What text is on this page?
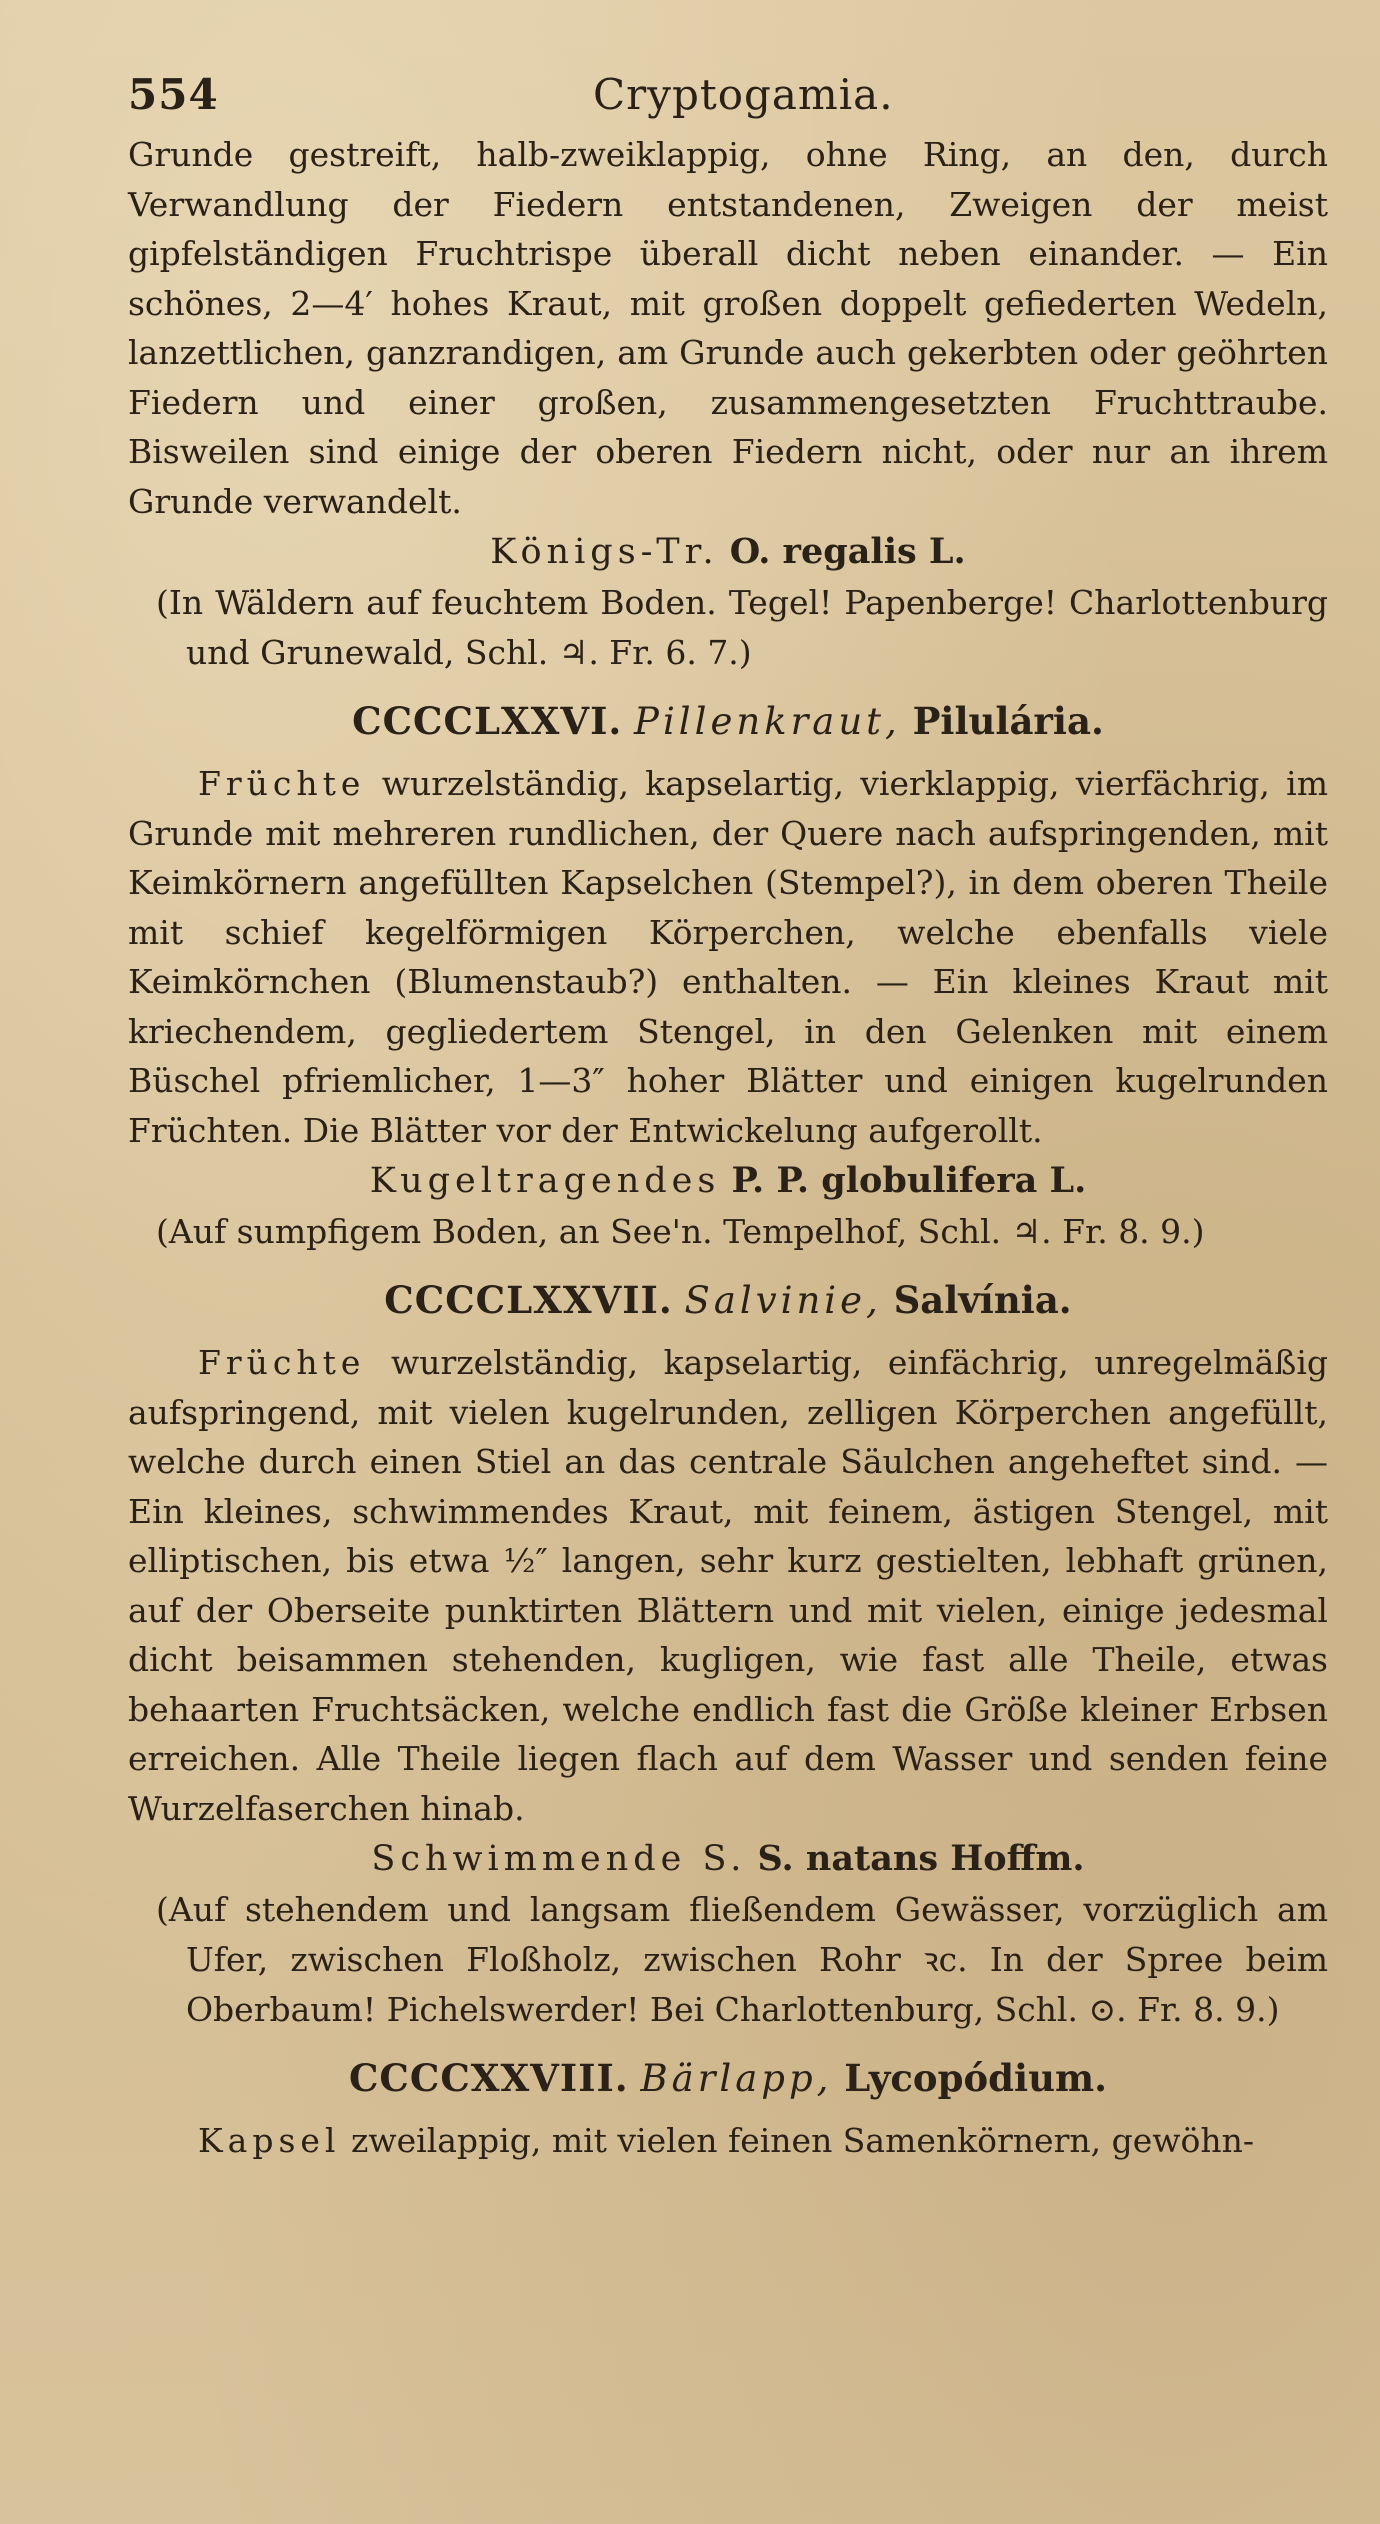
554	Cryptogamia.

Grunde gestreift, halb-zweiklappig, ohne Ring, an den, durch Verwandlung der Fiedern entstandenen, Zweigen der meist gipfelständigen Fruchtrispe überall dicht neben einander. — Ein schönes, 2—4′ hohes Kraut, mit großen doppelt gefiederten Wedeln, lanzettlichen, ganzrandigen, am Grunde auch gekerbten oder geöhrten Fiedern und einer großen, zusammengesetzten Fruchttraube. Bisweilen sind einige der oberen Fiedern nicht, oder nur an ihrem Grunde verwandelt.

Königs-Tr. O. regalis L.

(In Wäldern auf feuchtem Boden. Tegel! Papenberge! Charlottenburg und Grunewald, Schl. ♃. Fr. 6. 7.)

CCCCLXXVI. Pillenkraut, Pilulária.

Früchte wurzelständig, kapselartig, vierklappig, vierfächrig, im Grunde mit mehreren rundlichen, der Quere nach aufspringenden, mit Keimkörnern angefüllten Kapselchen (Stempel?), in dem oberen Theile mit schief kegelförmigen Körperchen, welche ebenfalls viele Keimkörnchen (Blumenstaub?) enthalten. — Ein kleines Kraut mit kriechendem, gegliedertem Stengel, in den Gelenken mit einem Büschel pfriemlicher, 1—3″ hoher Blätter und einigen kugelrunden Früchten. Die Blätter vor der Entwickelung aufgerollt.

Kugeltragendes P. P. globulifera L.

(Auf sumpfigem Boden, an See'n. Tempelhof, Schl. ♃. Fr. 8. 9.)

CCCCLXXVII. Salvinie, Salvínia.

Früchte wurzelständig, kapselartig, einfächrig, unregelmäßig aufspringend, mit vielen kugelrunden, zelligen Körperchen angefüllt, welche durch einen Stiel an das centrale Säulchen angeheftet sind. — Ein kleines, schwimmendes Kraut, mit feinem, ästigen Stengel, mit elliptischen, bis etwa ½″ langen, sehr kurz gestielten, lebhaft grünen, auf der Oberseite punktirten Blättern und mit vielen, einige jedesmal dicht beisammen stehenden, kugligen, wie fast alle Theile, etwas behaarten Fruchtsäcken, welche endlich fast die Größe kleiner Erbsen erreichen. Alle Theile liegen flach auf dem Wasser und senden feine Wurzelfaserchen hinab.

Schwimmende S. S. natans Hoffm.

(Auf stehendem und langsam fließendem Gewässer, vorzüglich am Ufer, zwischen Floßholz, zwischen Rohr ꝛc. In der Spree beim Oberbaum! Pichelswerder! Bei Charlottenburg, Schl. ⊙. Fr. 8. 9.)

CCCCXXVIII. Bärlapp, Lycopódium.

Kapsel zweilappig, mit vielen feinen Samenkörnern, gewöhn-
